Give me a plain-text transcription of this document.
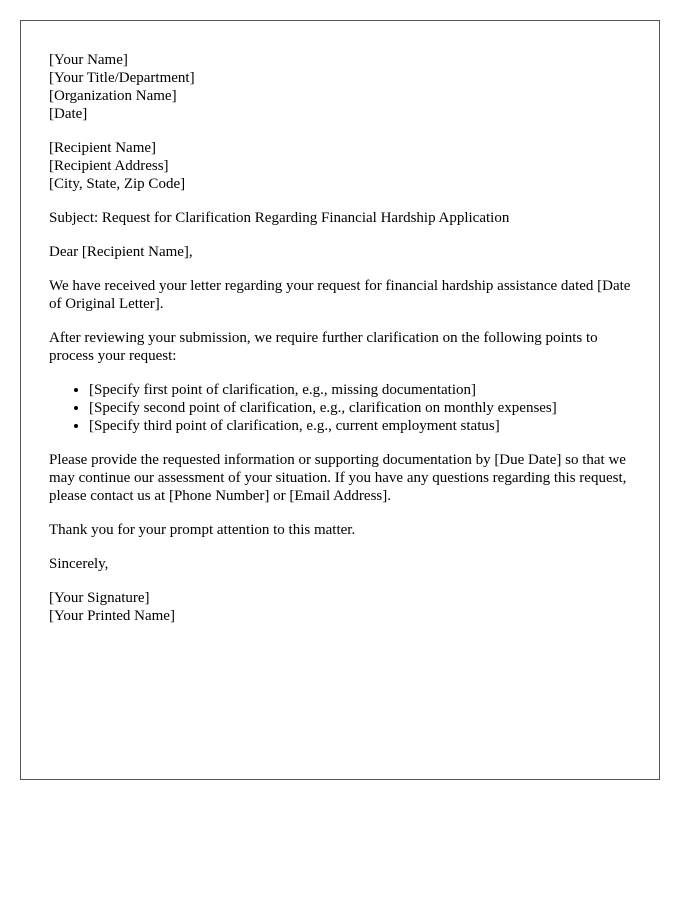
[Your Name]
[Your Title/Department]
[Organization Name]
[Date]
[Recipient Name]
[Recipient Address]
[City, State, Zip Code]

Subject: Request for Clarification Regarding Financial Hardship Application

Dear [Recipient Name],

We have received your letter regarding your request for financial hardship assistance dated [Date of Original Letter].

After reviewing your submission, we require further clarification on the following points to process your request:

• [Specify first point of clarification, e.g., missing documentation]
• [Specify second point of clarification, e.g., clarification on monthly expenses]
• [Specify third point of clarification, e.g., current employment status]

Please provide the requested information or supporting documentation by [Due Date] so that we may continue our assessment of your situation. If you have any questions regarding this request, please contact us at [Phone Number] or [Email Address].

Thank you for your prompt attention to this matter.

Sincerely,

[Your Signature]
[Your Printed Name]
